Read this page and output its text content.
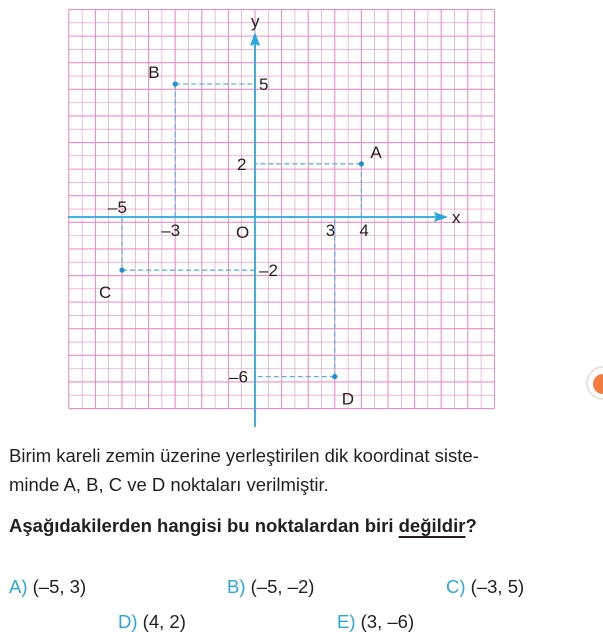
x
y
O
–5
–3	3 4
5
2
–2
–6
A
B
C
D

Birim kareli zemin üzerine yerleştirilen dik koordinat siste-
minde A, B, C ve D noktaları verilmiştir.

Aşağıdakilerden hangisi bu noktalardan biri değildir?

A) (–5, 3)	B) (–5, –2)	C) (–3, 5)
D) (4, 2)	E) (3, –6)
